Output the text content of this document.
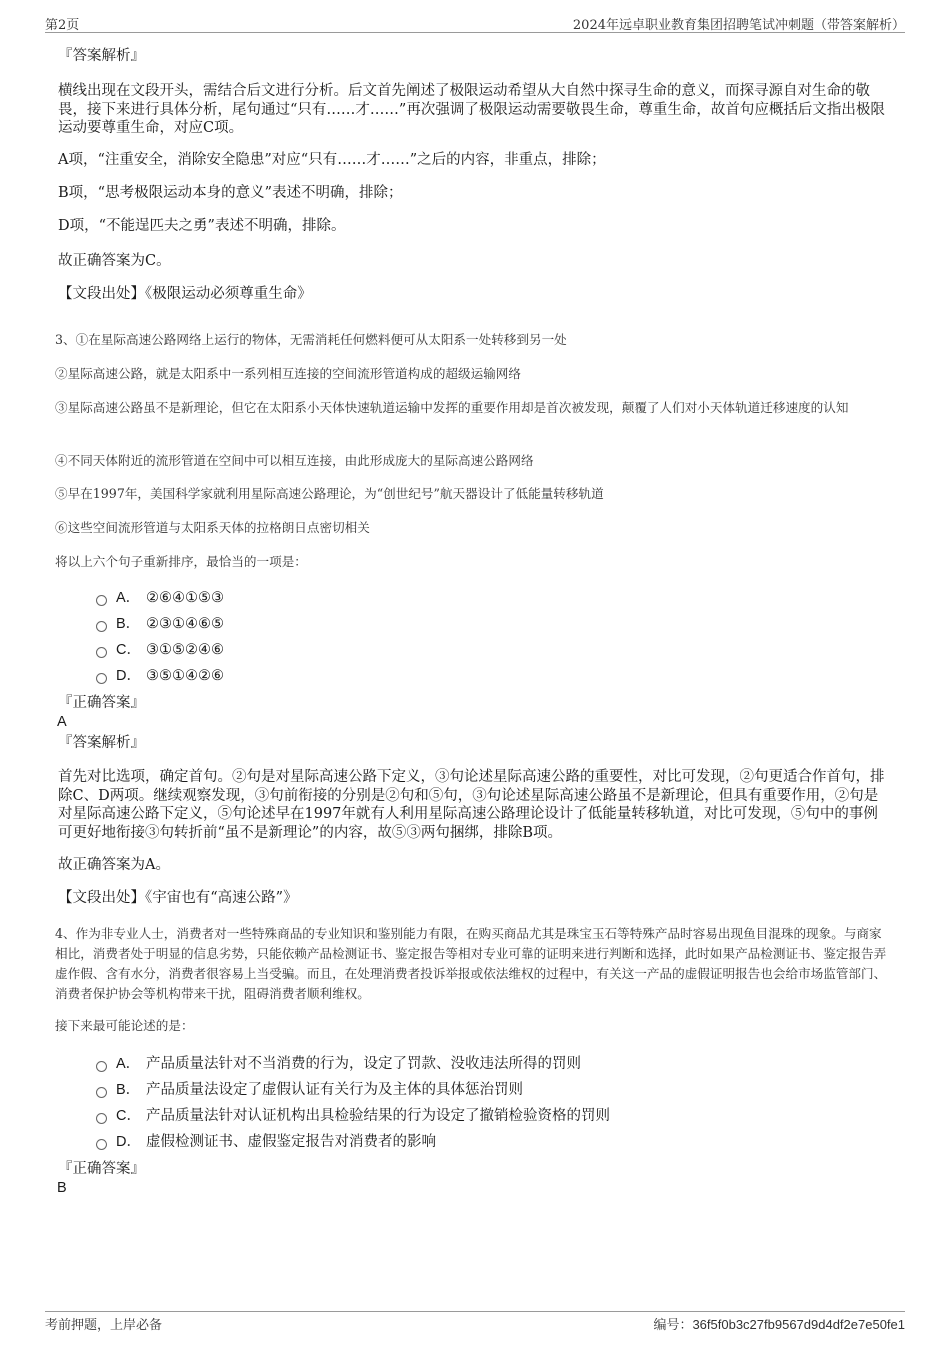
第2页	2024年远卓职业教育集团招聘笔试冲刺题（带答案解析）
『答案解析』
横线出现在文段开头，需结合后文进行分析。后文首先阐述了极限运动希望从大自然中探寻生命的意义，而探寻源自对生命的敬畏，接下来进行具体分析，尾句通过“只有……才……”再次强调了极限运动需要敬畏生命，尊重生命，故首句应概括后文指出极限运动要尊重生命，对应C项。
A项，“注重安全，消除安全隐患”对应“只有……才……”之后的内容，非重点，排除；
B项，“思考极限运动本身的意义”表述不明确，排除；
D项，“不能逞匹夫之勇”表述不明确，排除。
故正确答案为C。
【文段出处】《极限运动必须尊重生命》
3、①在星际高速公路网络上运行的物体，无需消耗任何燃料便可从太阳系一处转移到另一处
②星际高速公路，就是太阳系中一系列相互连接的空间流形管道构成的超级运输网络
③星际高速公路虽不是新理论，但它在太阳系小天体快速轨道运输中发挥的重要作用却是首次被发现，颠覆了人们对小天体轨道迁移速度的认知
④不同天体附近的流形管道在空间中可以相互连接，由此形成庞大的星际高速公路网络
⑤早在1997年，美国科学家就利用星际高速公路理论，为“创世纪号”航天器设计了低能量转移轨道
⑥这些空间流形管道与太阳系天体的拉格朗日点密切相关
将以上六个句子重新排序，最恰当的一项是：
A． ②⑥④①⑤③
B． ②③①④⑥⑤
C． ③①⑤②④⑥
D． ③⑤①④②⑥
『正确答案』
A
『答案解析』
首先对比选项，确定首句。②句是对星际高速公路下定义，③句论述星际高速公路的重要性，对比可发现，②句更适合作首句，排除C、D两项。继续观察发现，③句前衔接的分别是②句和⑤句，③句论述星际高速公路虽不是新理论，但具有重要作用，②句是对星际高速公路下定义，⑤句论述早在1997年就有人利用星际高速公路理论设计了低能量转移轨道，对比可发现，⑤句中的事例可更好地衔接③句转折前“虽不是新理论”的内容，故⑤③两句捆绑，排除B项。
故正确答案为A。
【文段出处】《宇宙也有“高速公路”》
4、作为非专业人士，消费者对一些特殊商品的专业知识和鉴别能力有限，在购买商品尤其是珠宝玉石等特殊产品时容易出现鱼目混珠的现象。与商家相比，消费者处于明显的信息劣势，只能依赖产品检测证书、鉴定报告等相对专业可靠的证明来进行判断和选择，此时如果产品检测证书、鉴定报告弄虚作假、含有水分，消费者很容易上当受骗。而且，在处理消费者投诉举报或依法维权的过程中，有关这一产品的虚假证明报告也会给市场监管部门、消费者保护协会等机构带来干扰，阻碍消费者顺利维权。
接下来最可能论述的是：
A． 产品质量法针对不当消费的行为，设定了罚款、没收违法所得的罚则
B． 产品质量法设定了虚假认证有关行为及主体的具体惩治罚则
C． 产品质量法针对认证机构出具检验结果的行为设定了撤销检验资格的罚则
D． 虚假检测证书、虚假鉴定报告对消费者的影响
『正确答案』
B
考前押题，上岸必备	编号：36f5f0b3c27fb9567d9d4df2e7e50fe1
